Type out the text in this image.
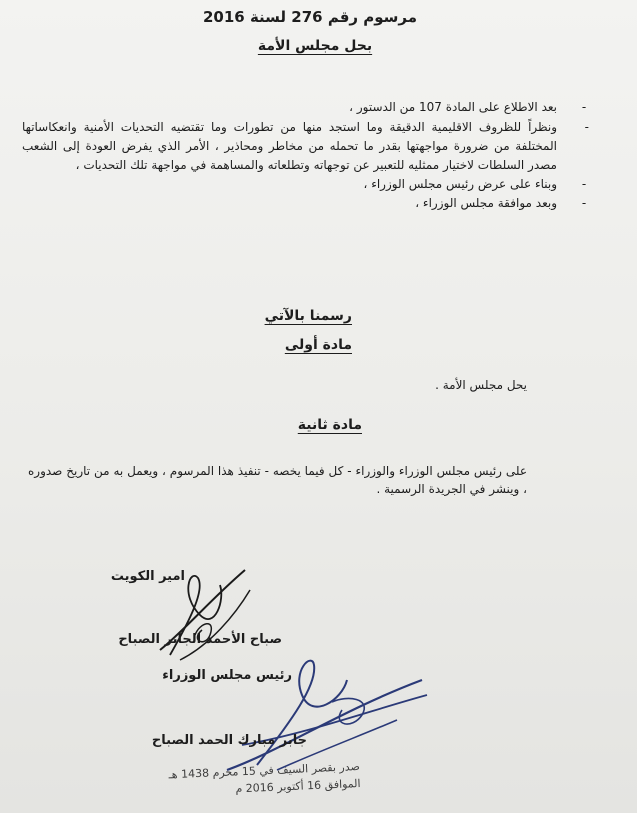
مرسوم رقم 276 لسنة 2016
بحل مجلس الأمة

-
بعد الاطلاع على المادة 107 من الدستور ،

-
ونظراً للظروف الاقليمية الدقيقة وما استجد منها من تطورات وما تقتضيه التحديات الأمنية وانعكاساتها المختلفة من ضرورة مواجهتها بقدر ما تحمله من مخاطر ومحاذير ، الأمر الذي يفرض العودة إلى الشعب مصدر السلطات لاختيار ممثليه للتعبير عن توجهاته وتطلعاته والمساهمة في مواجهة تلك التحديات ،

-
وبناء على عرض رئيس مجلس الوزراء ،

-
وبعد موافقة مجلس الوزراء ،

رسمنا بالآتي
مادة أولى
يحل مجلس الأمة .
مادة ثانية

على رئيس مجلس الوزراء والوزراء - كل فيما يخصه - تنفيذ هذا المرسوم ، ويعمل به من تاريخ صدوره ، وينشر في الجريدة الرسمية .

امير الكويت
صباح الأحمد الجابر الصباح
رئيس مجلس الوزراء
جابر مبارك الحمد الصباح
صدر بقصر السيف في 15 محرم 1438 هـ
الموافق 16 أكتوبر 2016 م
